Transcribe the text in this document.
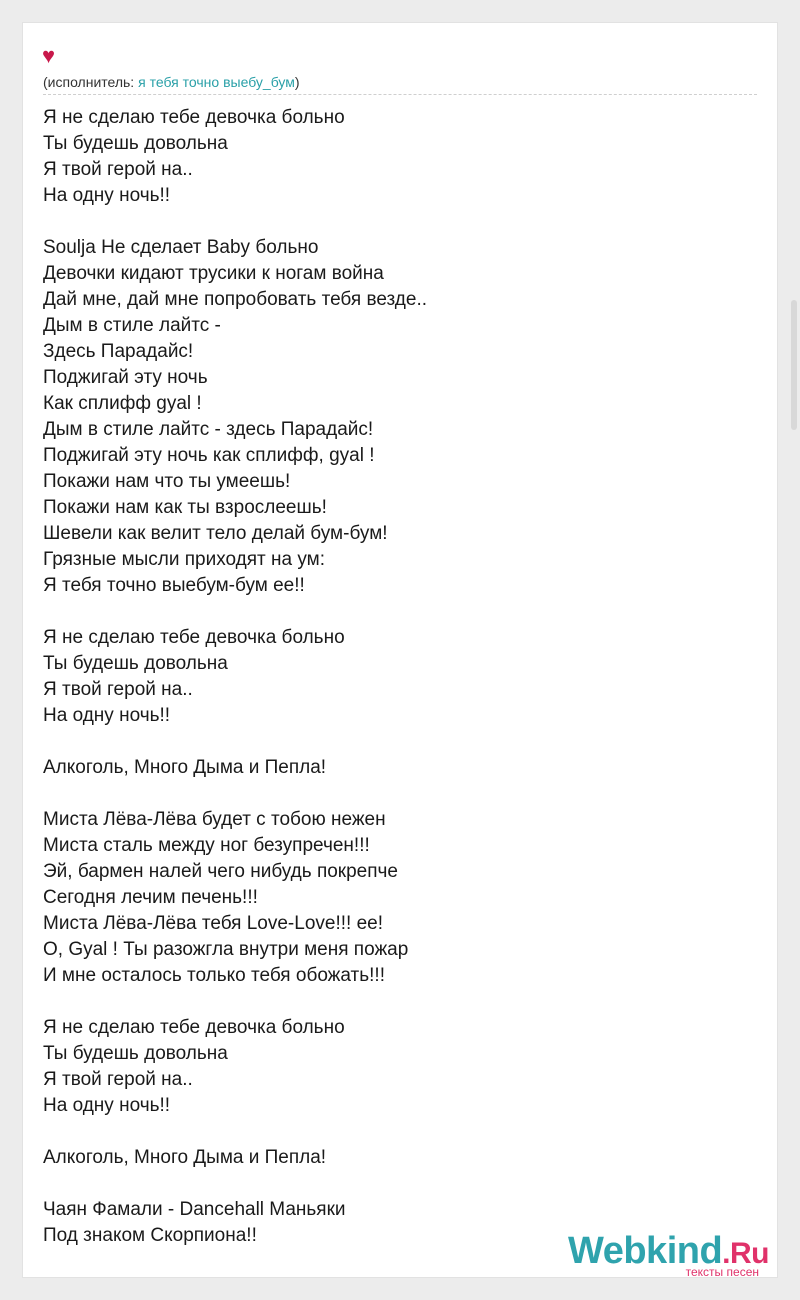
♥
(исполнитель: я тебя точно выебу_бум)
Я не сделаю тебе девочка больно
Ты будешь довольна
Я твой герой на..
На одну ночь!!
Soulja Не сделает Baby больно
Девочки кидают трусики к ногам война
Дай мне, дай мне попробовать тебя везде..
Дым в стиле лайтс -
Здесь Парадайс!
Поджигай эту ночь
Как сплифф gyal !
Дым в стиле лайтс - здесь Парадайс!
Поджигай эту ночь как сплифф, gyal !
Покажи нам что ты умеешь!
Покажи нам как ты взрослеешь!
Шевели как велит тело делай бум-бум!
Грязные мысли приходят на ум:
Я тебя точно выебум-бум ее!!
Я не сделаю тебе девочка больно
Ты будешь довольна
Я твой герой на..
На одну ночь!!
Алкоголь, Много Дыма и Пепла!
Миста Лёва-Лёва будет с тобою нежен
Миста сталь между ног безупречен!!!
Эй, бармен налей чего нибудь покрепче
Сегодня лечим печень!!!
Миста Лёва-Лёва тебя Love-Love!!! ее!
О, Gyal ! Ты разожгла внутри меня пожар
И мне осталось только тебя обожать!!!
Я не сделаю тебе девочка больно
Ты будешь довольна
Я твой герой на..
На одну ночь!!
Алкоголь, Много Дыма и Пепла!
Чаян Фамали - Dancehall Маньяки
Под знаком Скорпиона!!	Webkind.Ru
тексты песен
